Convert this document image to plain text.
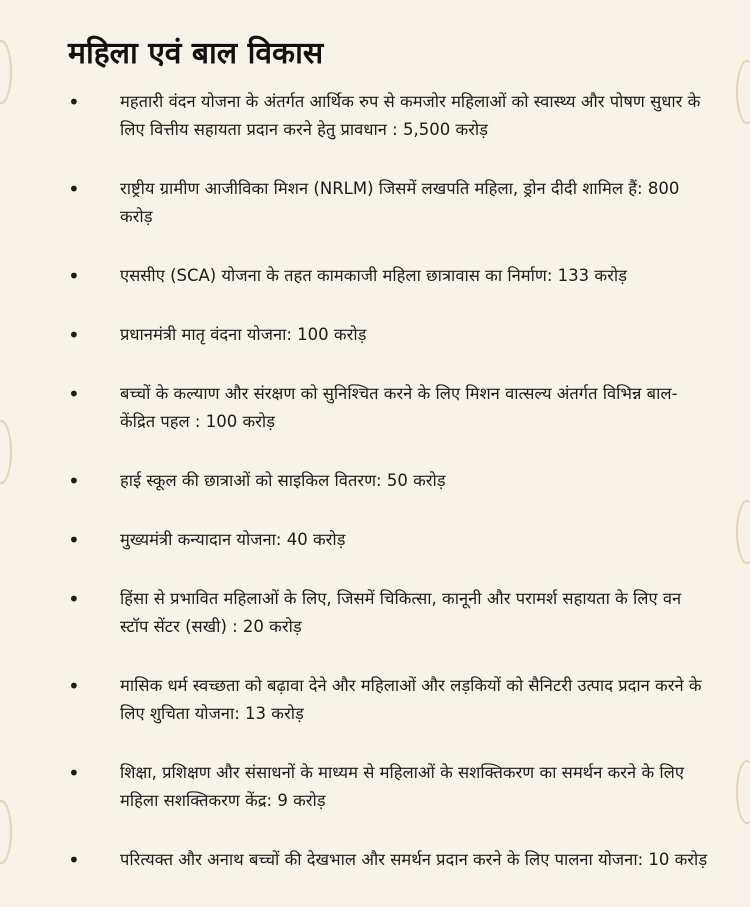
महिला एवं बाल विकास
• महतारी वंदन योजना के अंतर्गत आर्थिक रुप से कमजोर महिलाओं को स्वास्थ्य और पोषण सुधार के लिए वित्तीय सहायता प्रदान करने हेतु प्रावधान : 5,500 करोड़
• राष्ट्रीय ग्रामीण आजीविका मिशन (NRLM) जिसमें लखपति महिला, ड्रोन दीदी शामिल हैं: 800 करोड़
• एससीए (SCA) योजना के तहत कामकाजी महिला छात्रावास का निर्माण: 133 करोड़
• प्रधानमंत्री मातृ वंदना योजना: 100 करोड़
• बच्चों के कल्याण और संरक्षण को सुनिश्चित करने के लिए मिशन वात्सल्य अंतर्गत विभिन्न बाल-केंद्रित पहल : 100 करोड़
• हाई स्कूल की छात्राओं को साइकिल वितरण: 50 करोड़
• मुख्यमंत्री कन्यादान योजना: 40 करोड़
• हिंसा से प्रभावित महिलाओं के लिए, जिसमें चिकित्सा, कानूनी और परामर्श सहायता के लिए वन स्टॉप सेंटर (सखी) : 20 करोड़
• मासिक धर्म स्वच्छता को बढ़ावा देने और महिलाओं और लड़कियों को सैनिटरी उत्पाद प्रदान करने के लिए शुचिता योजना: 13 करोड़
• शिक्षा, प्रशिक्षण और संसाधनों के माध्यम से महिलाओं के सशक्तिकरण का समर्थन करने के लिए महिला सशक्तिकरण केंद्र: 9 करोड़
• परित्यक्त और अनाथ बच्चों की देखभाल और समर्थन प्रदान करने के लिए पालना योजना: 10 करोड़
